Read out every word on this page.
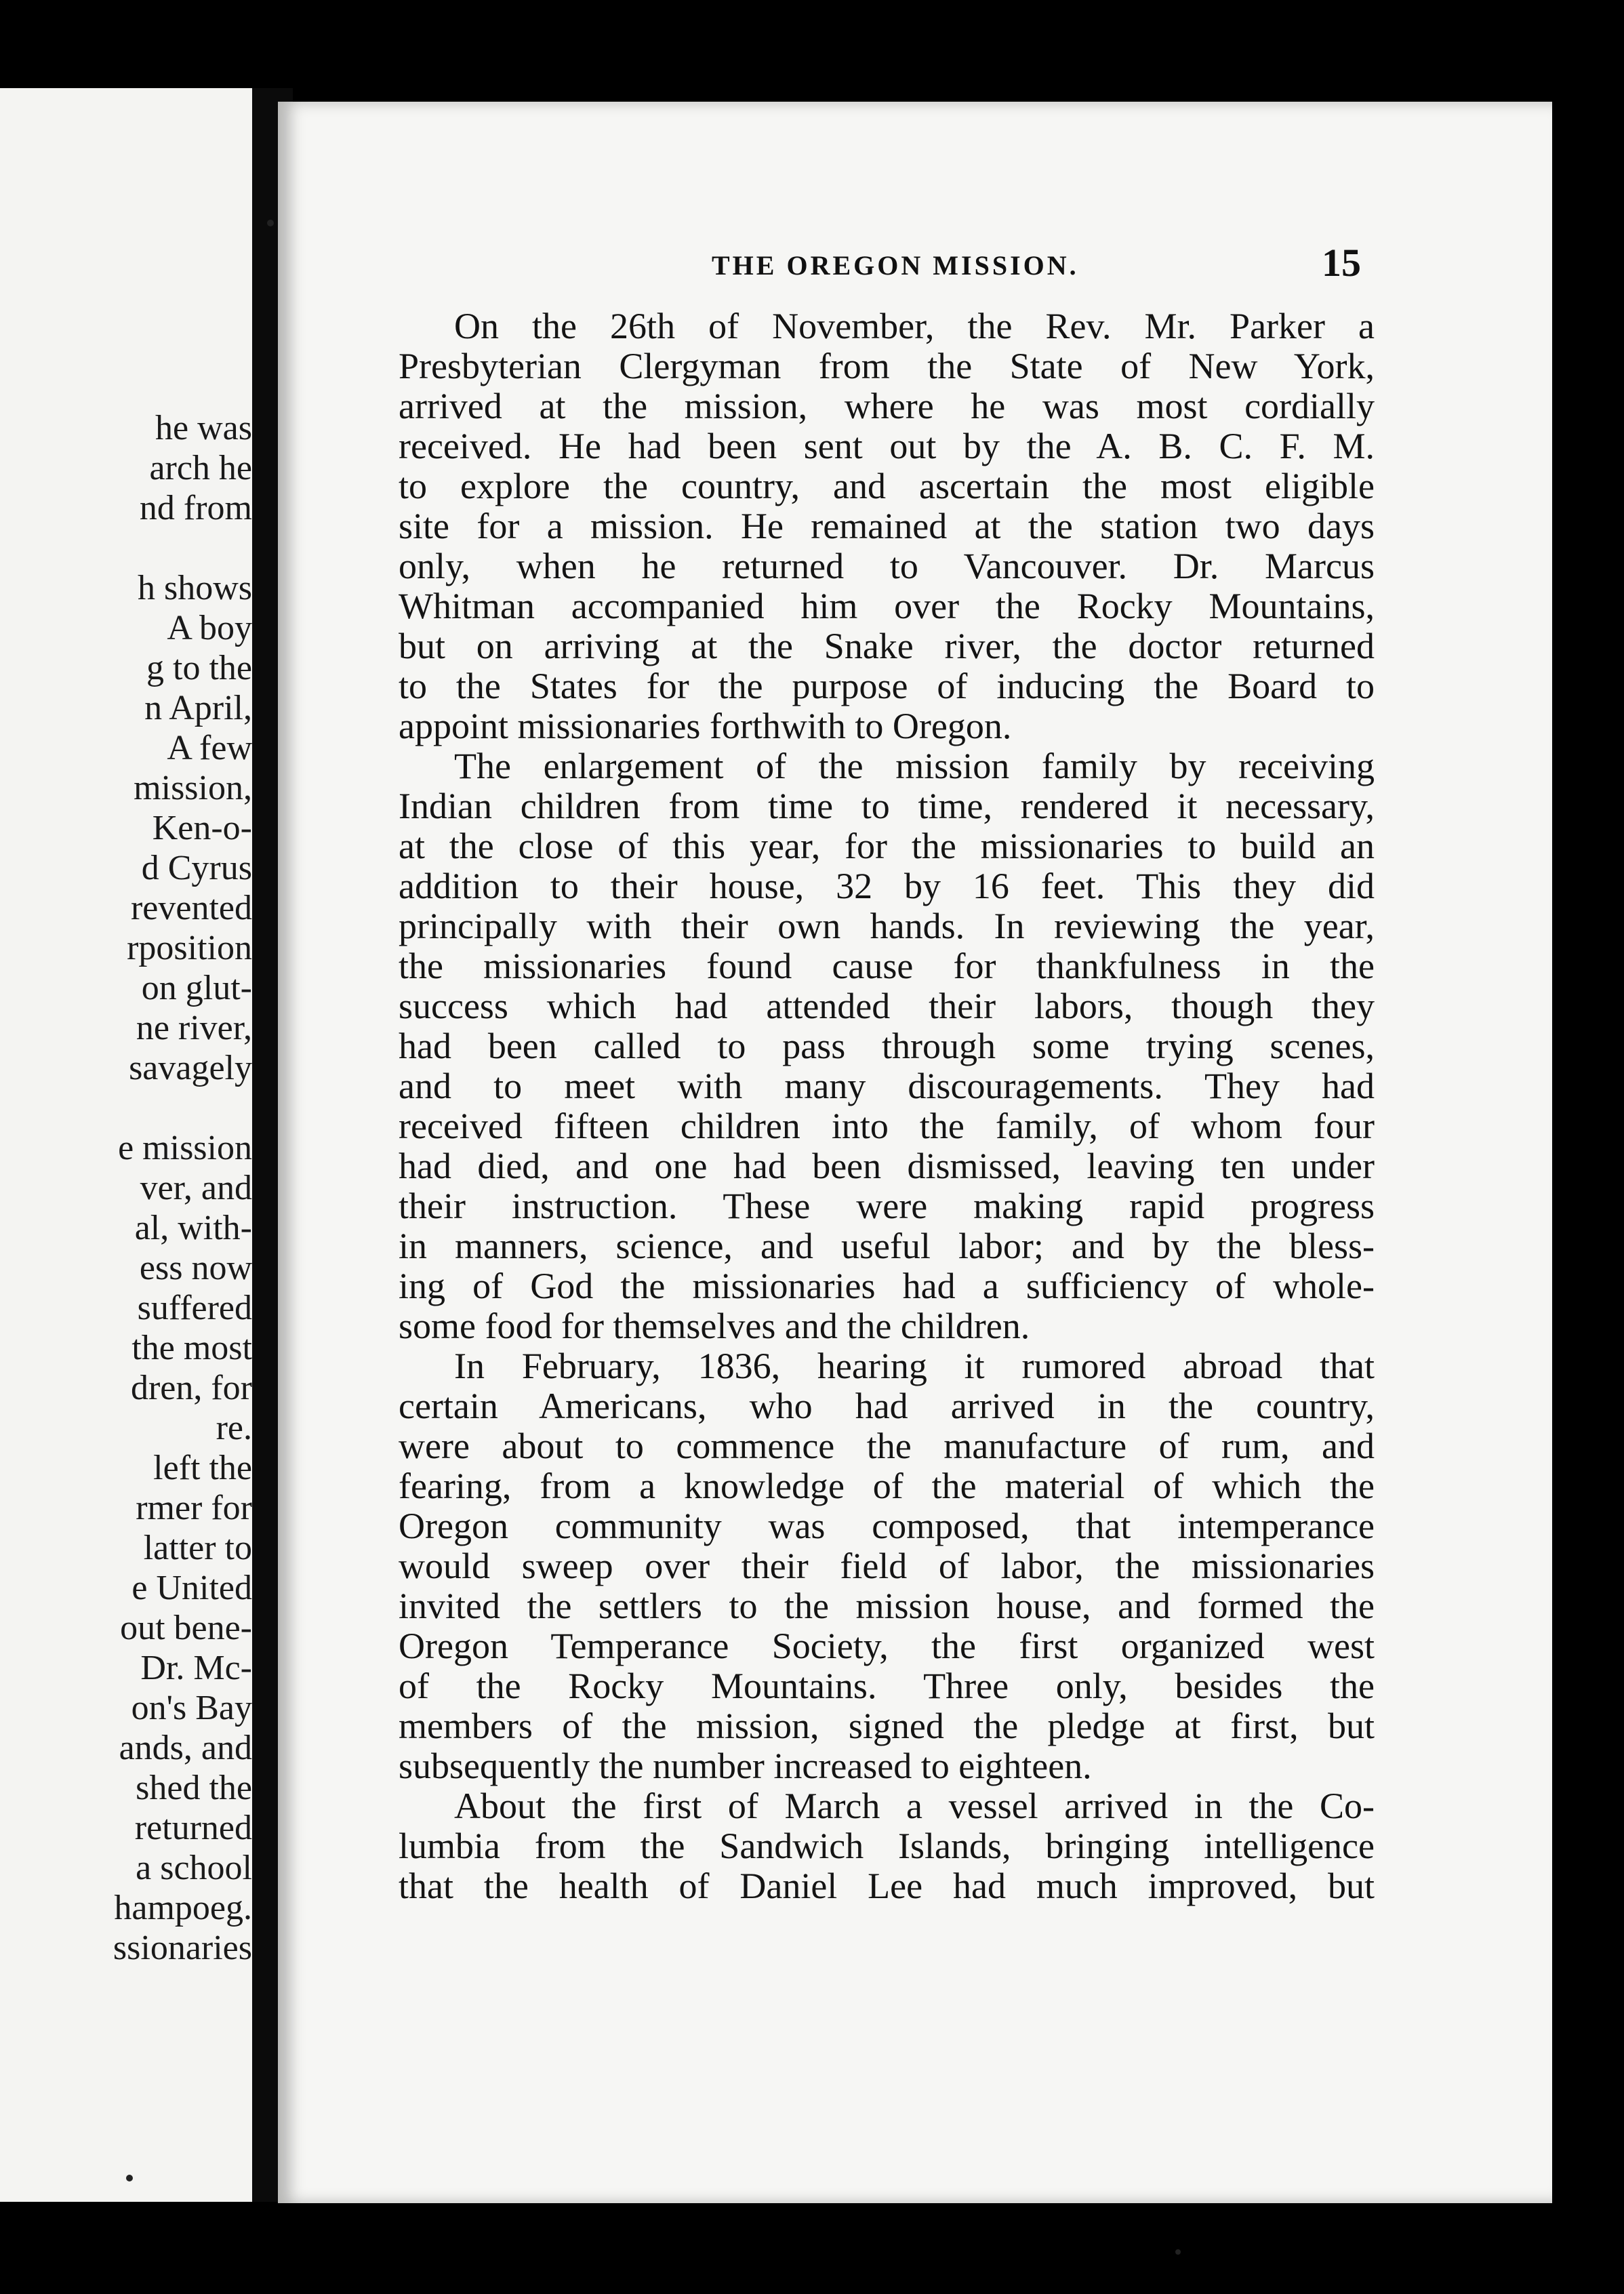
he was
arch he
nd from
h shows
A boy
g to the
n April,
A few
mission,
Ken-o-
d Cyrus
revented
rposition
on glut-
ne river,
savagely
e mission
ver, and
al, with-
ess now
suffered
the most
dren, for
re.
left the
rmer for
latter to
e United
out bene-
Dr. Mc-
on's Bay
ands, and
shed the
returned
a school
hampoeg.
ssionaries
THE OREGON MISSION.	15
On the 26th of November, the Rev. Mr. Parker a
Presbyterian Clergyman from the State of New York,
arrived at the mission, where he was most cordially
received. He had been sent out by the A. B. C. F. M.
to explore the country, and ascertain the most eligible
site for a mission. He remained at the station two days
only, when he returned to Vancouver. Dr. Marcus
Whitman accompanied him over the Rocky Mountains,
but on arriving at the Snake river, the doctor returned
to the States for the purpose of inducing the Board to
appoint missionaries forthwith to Oregon.
The enlargement of the mission family by receiving
Indian children from time to time, rendered it necessary,
at the close of this year, for the missionaries to build an
addition to their house, 32 by 16 feet. This they did
principally with their own hands. In reviewing the year,
the missionaries found cause for thankfulness in the
success which had attended their labors, though they
had been called to pass through some trying scenes,
and to meet with many discouragements. They had
received fifteen children into the family, of whom four
had died, and one had been dismissed, leaving ten under
their instruction. These were making rapid progress
in manners, science, and useful labor; and by the bless-
ing of God the missionaries had a sufficiency of whole-
some food for themselves and the children.
In February, 1836, hearing it rumored abroad that
certain Americans, who had arrived in the country,
were about to commence the manufacture of rum, and
fearing, from a knowledge of the material of which the
Oregon community was composed, that intemperance
would sweep over their field of labor, the missionaries
invited the settlers to the mission house, and formed the
Oregon Temperance Society, the first organized west
of the Rocky Mountains. Three only, besides the
members of the mission, signed the pledge at first, but
subsequently the number increased to eighteen.
About the first of March a vessel arrived in the Co-
lumbia from the Sandwich Islands, bringing intelligence
that the health of Daniel Lee had much improved, but
